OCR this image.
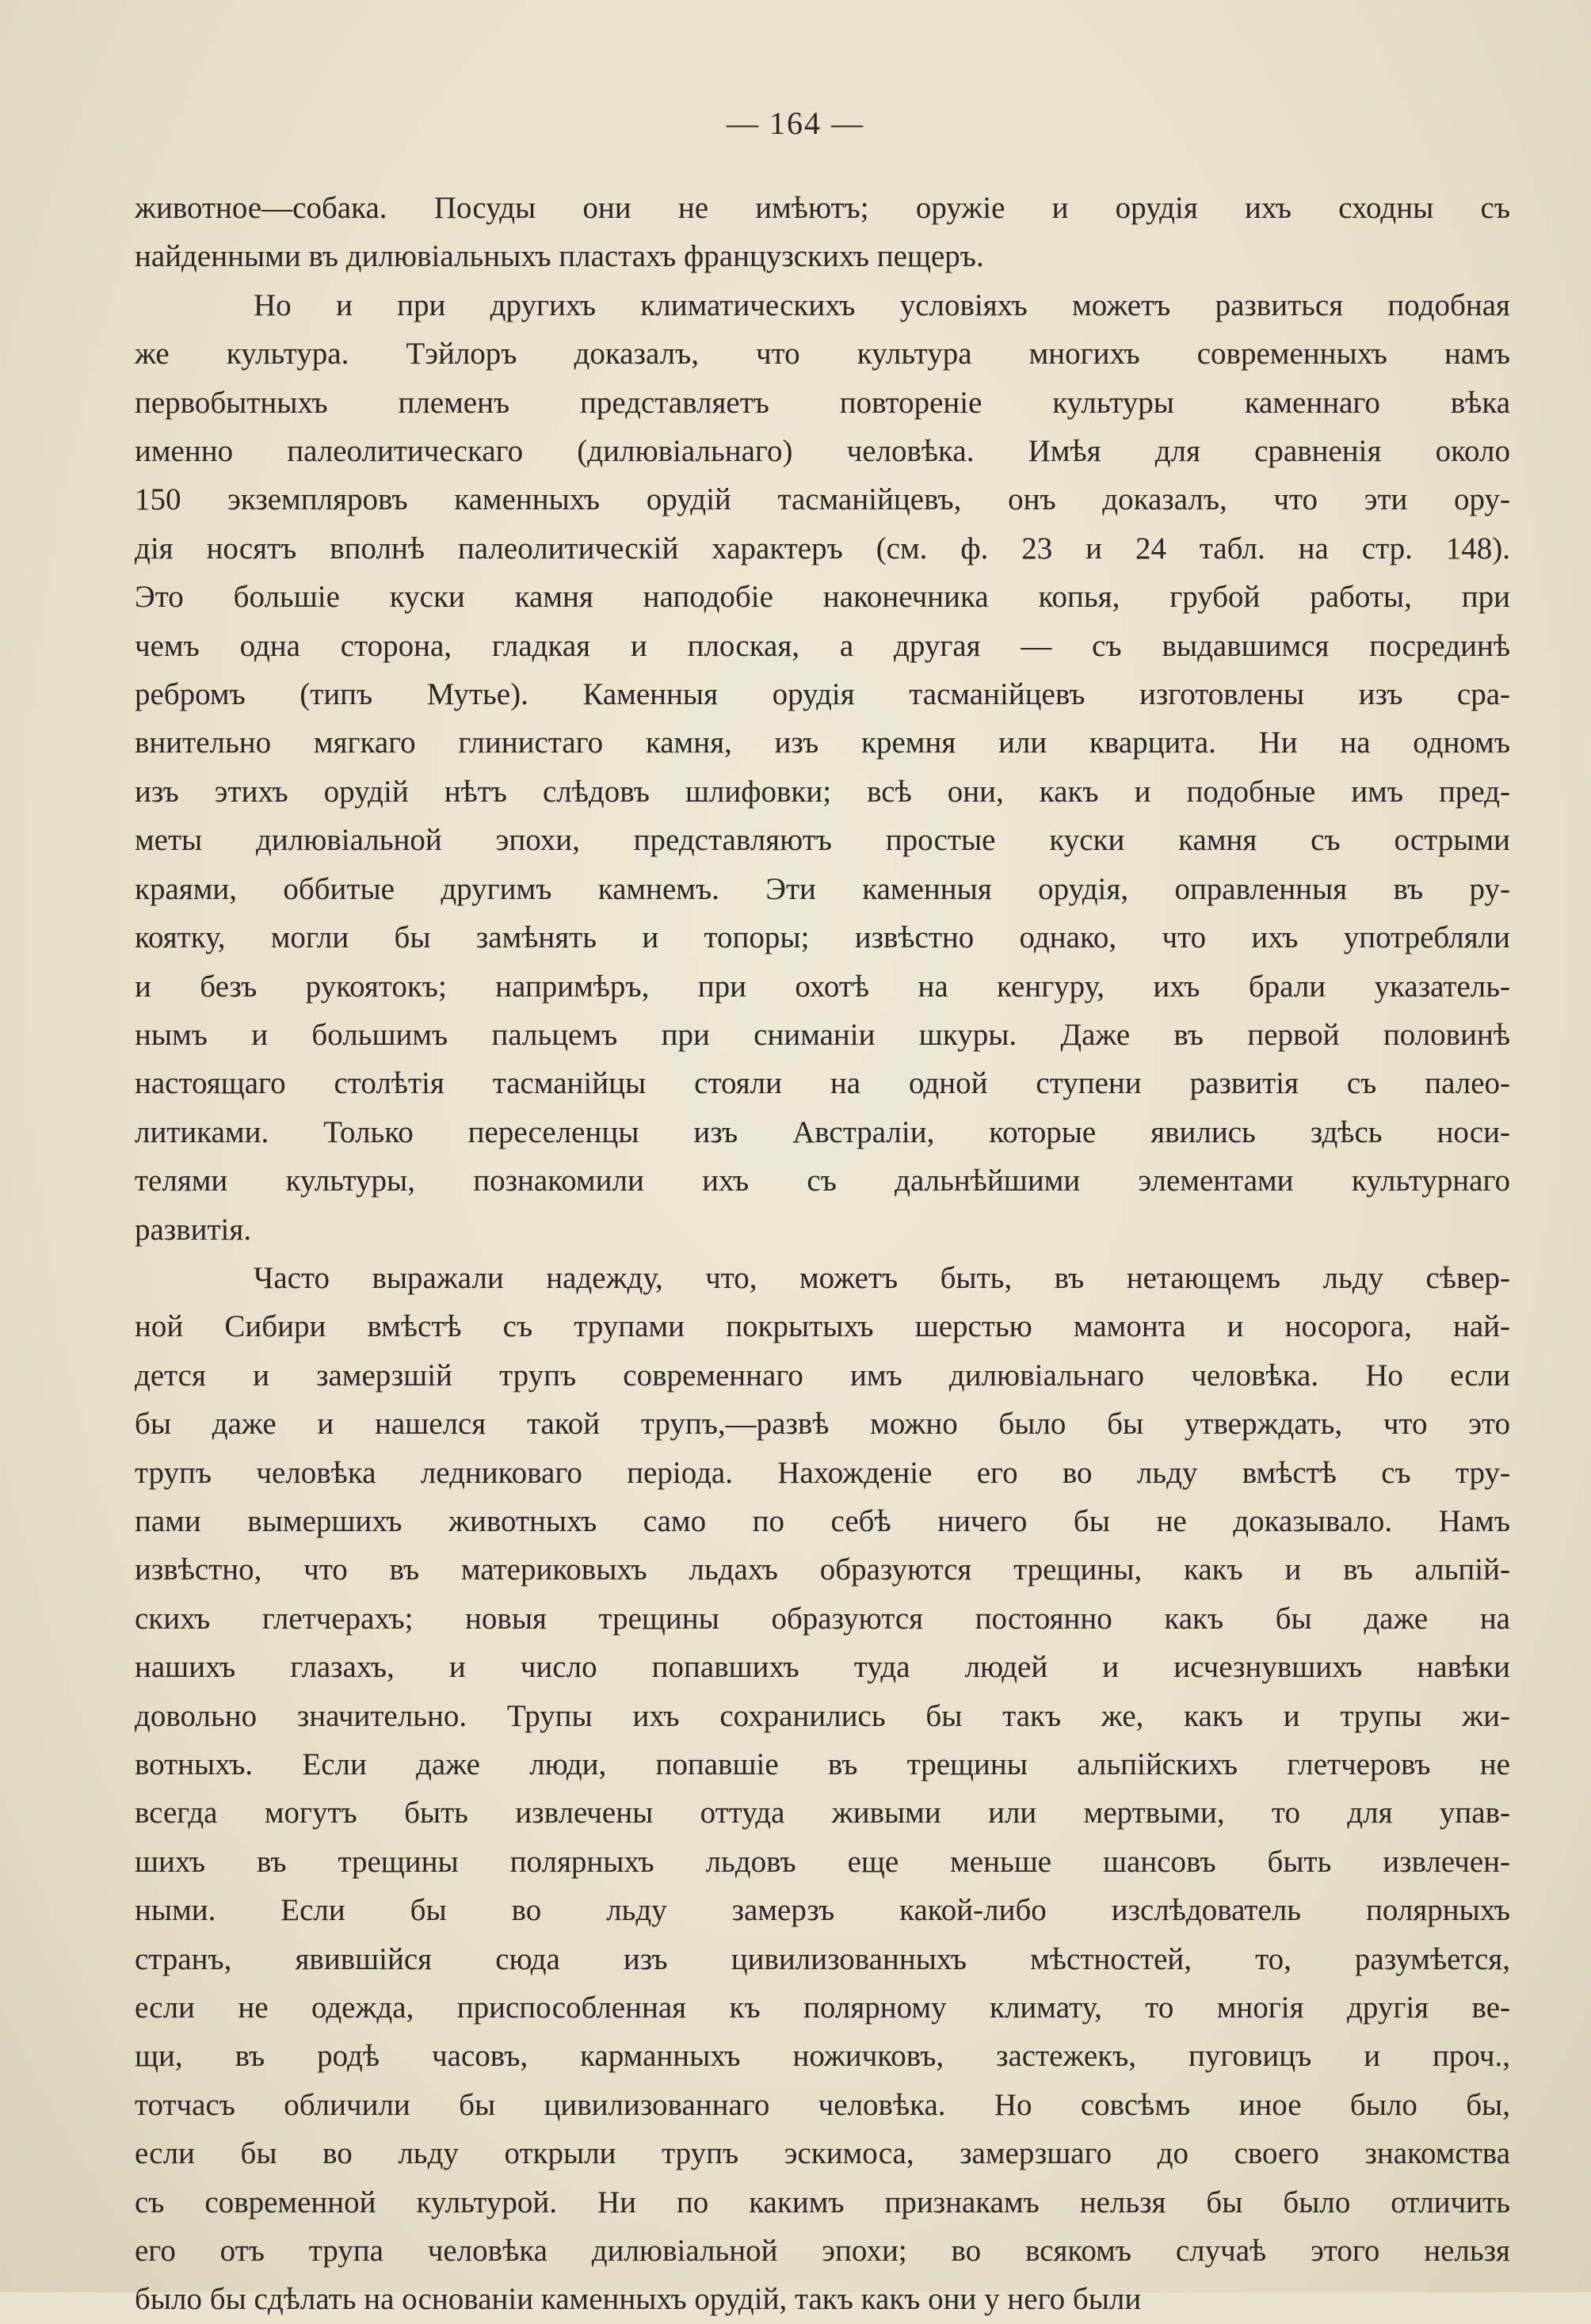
— 164 —

животное—собака. Посуды они не имѣютъ; оружіе и орудія ихъ сходны съ
найденными въ дилювіальныхъ пластахъ французскихъ пещеръ.

Но и при другихъ климатическихъ условіяхъ можетъ развиться подобная
же культура. Тэйлоръ доказалъ, что культура многихъ современныхъ намъ
первобытныхъ племенъ представляетъ повтореніе культуры каменнаго вѣка
именно палеолитическаго (дилювіальнаго) человѣка. Имѣя для сравненія около
150 экземпляровъ каменныхъ орудій тасманійцевъ, онъ доказалъ, что эти ору-
дія носятъ вполнѣ палеолитическій характеръ (см. ф. 23 и 24 табл. на стр. 148).
Это большіе куски камня наподобіе наконечника копья, грубой работы, при
чемъ одна сторона, гладкая и плоская, а другая — съ выдавшимся посрединѣ
ребромъ (типъ Мутье). Каменныя орудія тасманійцевъ изготовлены изъ сра-
внительно мягкаго глинистаго камня, изъ кремня или кварцита. Ни на одномъ
изъ этихъ орудій нѣтъ слѣдовъ шлифовки; всѣ они, какъ и подобные имъ пред-
меты дилювіальной эпохи, представляютъ простые куски камня съ острыми
краями, оббитые другимъ камнемъ. Эти каменныя орудія, оправленныя въ ру-
коятку, могли бы замѣнять и топоры; извѣстно однако, что ихъ употребляли
и безъ рукоятокъ; напримѣръ, при охотѣ на кенгуру, ихъ брали указатель-
нымъ и большимъ пальцемъ при сниманіи шкуры. Даже въ первой половинѣ
настоящаго столѣтія тасманійцы стояли на одной ступени развитія съ палео-
литиками. Только переселенцы изъ Австраліи, которые явились здѣсь носи-
телями культуры, познакомили ихъ съ дальнѣйшими элементами культурнаго
развитія.

Часто выражали надежду, что, можетъ быть, въ нетающемъ льду сѣвер-
ной Сибири вмѣстѣ съ трупами покрытыхъ шерстью мамонта и носорога, най-
дется и замерзшій трупъ современнаго имъ дилювіальнаго человѣка. Но если
бы даже и нашелся такой трупъ,—развѣ можно было бы утверждать, что это
трупъ человѣка ледниковаго періода. Нахожденіе его во льду вмѣстѣ съ тру-
пами вымершихъ животныхъ само по себѣ ничего бы не доказывало. Намъ
извѣстно, что въ материковыхъ льдахъ образуются трещины, какъ и въ альпій-
скихъ глетчерахъ; новыя трещины образуются постоянно какъ бы даже на
нашихъ глазахъ, и число попавшихъ туда людей и исчезнувшихъ навѣки
довольно значительно. Трупы ихъ сохранились бы такъ же, какъ и трупы жи-
вотныхъ. Если даже люди, попавшіе въ трещины альпійскихъ глетчеровъ не
всегда могутъ быть извлечены оттуда живыми или мертвыми, то для упав-
шихъ въ трещины полярныхъ льдовъ еще меньше шансовъ быть извлечен-
ными. Если бы во льду замерзъ какой-либо изслѣдователь полярныхъ
странъ, явившійся сюда изъ цивилизованныхъ мѣстностей, то, разумѣется,
если не одежда, приспособленная къ полярному климату, то многія другія ве-
щи, въ родѣ часовъ, карманныхъ ножичковъ, застежекъ, пуговицъ и проч.,
тотчасъ обличили бы цивилизованнаго человѣка. Но совсѣмъ иное было бы,
если бы во льду открыли трупъ эскимоса, замерзшаго до своего знакомства
съ современной культурой. Ни по какимъ признакамъ нельзя бы было отличить
его отъ трупа человѣка дилювіальной эпохи; во всякомъ случаѣ этого нельзя
было бы сдѣлать на основаніи каменныхъ орудій, такъ какъ они у него были
